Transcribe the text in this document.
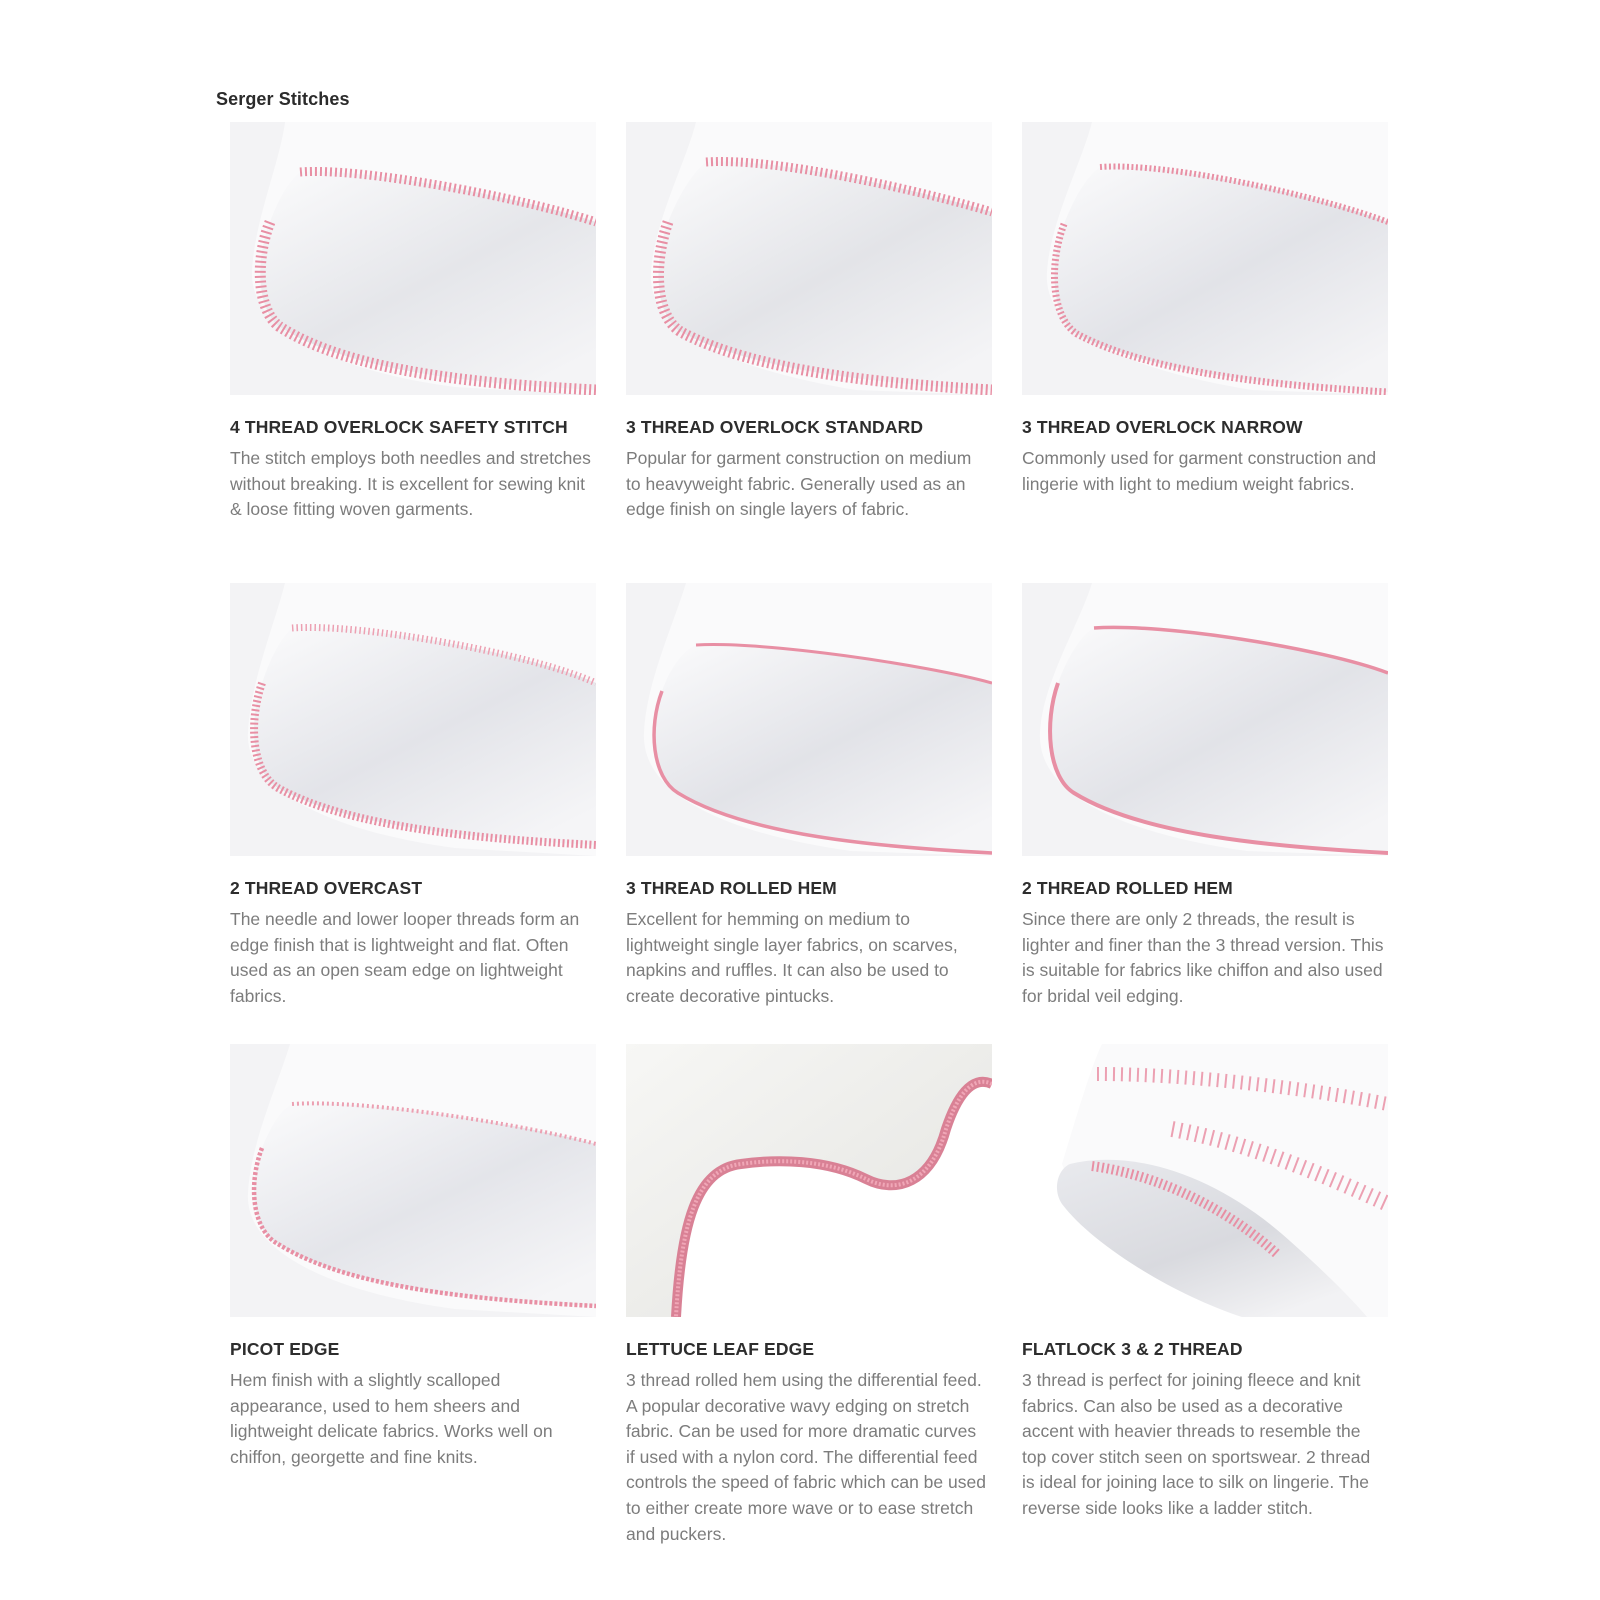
Serger Stitches
4 THREAD OVERLOCK SAFETY STITCH
The stitch employs both needles and stretches without breaking. It is excellent for sewing knit & loose fitting woven garments.
3 THREAD OVERLOCK STANDARD
Popular for garment construction on medium to heavyweight fabric. Generally used as an edge finish on single layers of fabric.
3 THREAD OVERLOCK NARROW
Commonly used for garment construction and lingerie with light to medium weight fabrics.
2 THREAD OVERCAST
The needle and lower looper threads form an edge finish that is lightweight and flat. Often used as an open seam edge on lightweight fabrics.
3 THREAD ROLLED HEM
Excellent for hemming on medium to lightweight single layer fabrics, on scarves, napkins and ruffles. It can also be used to create decorative pintucks.
2 THREAD ROLLED HEM
Since there are only 2 threads, the result is lighter and finer than the 3 thread version. This is suitable for fabrics like chiffon and also used for bridal veil edging.
PICOT EDGE
Hem finish with a slightly scalloped appearance, used to hem sheers and lightweight delicate fabrics. Works well on chiffon, georgette and fine knits.
LETTUCE LEAF EDGE
3 thread rolled hem using the differential feed. A popular decorative wavy edging on stretch fabric. Can be used for more dramatic curves if used with a nylon cord. The differential feed controls the speed of fabric which can be used to either create more wave or to ease stretch and puckers.
FLATLOCK 3 & 2 THREAD
3 thread is perfect for joining fleece and knit fabrics. Can also be used as a decorative accent with heavier threads to resemble the top cover stitch seen on sportswear. 2 thread is ideal for joining lace to silk on lingerie. The reverse side looks like a ladder stitch.
